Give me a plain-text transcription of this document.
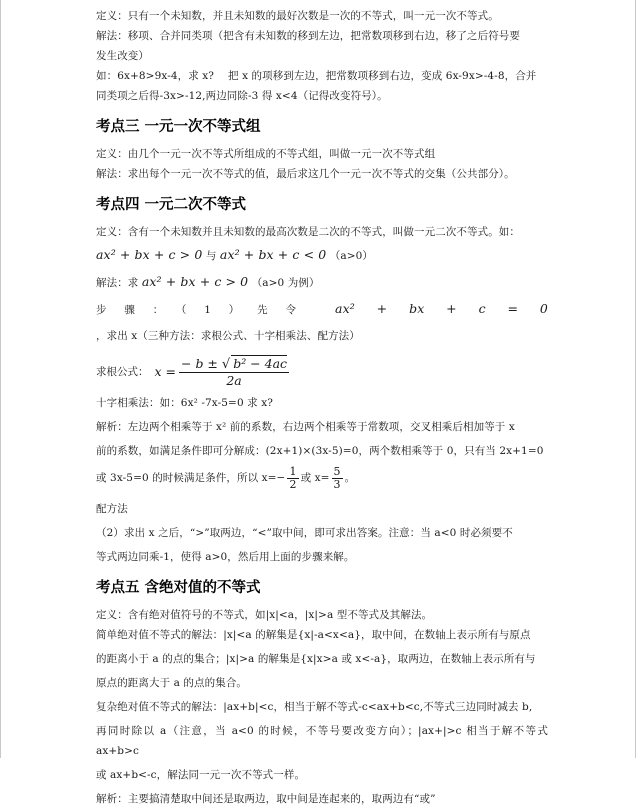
定义：只有一个未知数，并且未知数的最好次数是一次的不等式，叫一元一次不等式。

解法：移项、合并同类项（把含有未知数的移到左边，把常数项移到右边，移了之后符号要

发生改变）

如：6x+8>9x-4，求 x?　 把 x 的项移到左边，把常数项移到右边，变成 6x-9x>-4-8，合并

同类项之后得-3x>-12,两边同除-3 得 x<4（记得改变符号）。

考点三 一元一次不等式组

定义：由几个一元一次不等式所组成的不等式组，叫做一元一次不等式组

解法：求出每个一元一次不等式的值，最后求这几个一元一次不等式的交集（公共部分）。

考点四 一元二次不等式

定义：含有一个未知数并且未知数的最高次数是二次的不等式，叫做一元二次不等式。如：

ax² + bx + c > 0 与 ax² + bx + c < 0 （a>0）

解法：求 ax² + bx + c > 0 （a>0 为例）

步骤：（1）先令 ax² + bx + c = 0 ，求出 x（三种方法：求根公式、十字相乘法、配方法）

求根公式： $x = \frac{\text{− b ± √ b² − 4ac}}{2a}$

十字相乘法：如：6x² -7x-5=0 求 x?

解析：左边两个相乘等于 x² 前的系数，右边两个相乘等于常数项，交叉相乘后相加等于 x

前的系数，如满足条件即可分解成：(2x+1)×(3x-5)=0，两个数相乘等于 0，只有当 2x+1=0

或 3x-5=0 的时候满足条件，所以 $x=- \frac{1}{2}$ 或 $x= \frac{5}{3}$ 。

配方法

（2）求出 x 之后，“>”取两边，“<”取中间，即可求出答案。注意：当 a<0 时必须要不

等式两边同乘-1，使得 a>0，然后用上面的步骤来解。

考点五 含绝对值的不等式

定义：含有绝对值符号的不等式，如|x|<a，|x|>a 型不等式及其解法。

简单绝对值不等式的解法：|x|<a 的解集是{x|-a<x<a}，取中间，在数轴上表示所有与原点

的距离小于 a 的点的集合；|x|>a 的解集是{x|x>a 或 x<-a}，取两边，在数轴上表示所有与

原点的距离大于 a 的点的集合。

复杂绝对值不等式的解法：|ax+b|<c，相当于解不等式-c<ax+b<c,不等式三边同时减去 b,

再同时除以 a（注意，当 a<0 的时候，不等号要改变方向）；|ax+|>c 相当于解不等式 ax+b>c

或 ax+b<-c，解法同一元一次不等式一样。

解析：主要搞清楚取中间还是取两边，取中间是连起来的，取两边有“或”
